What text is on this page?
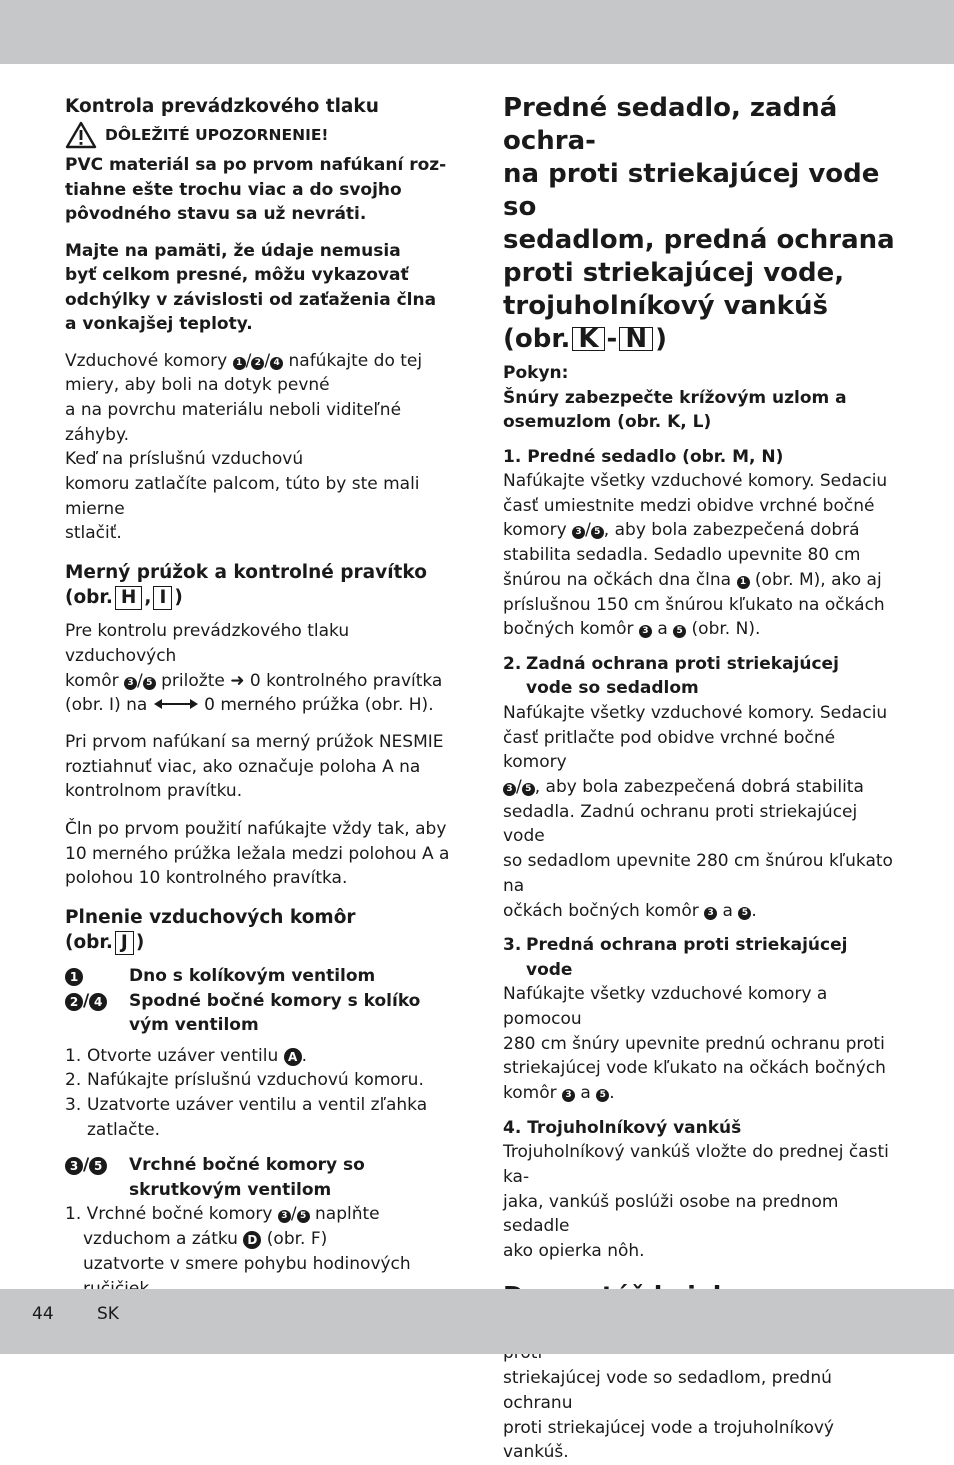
Kontrola prevádzkového tlaku

DÔLEŽITÉ UPOZORNENIE!

PVC materiál sa po prvom nafúkaní roz-

tiahne ešte trochu viac a do svojho

pôvodného stavu sa už nevráti.

Majte na pamäti, že údaje nemusia

byť celkom presné, môžu vykazovať

odchýlky v závislosti od zaťaženia člna

a vonkajšej teploty.

Vzduchové komory 1 / 2 / 4 nafúkajte do tej

miery, aby boli na dotyk pevné

a na povrchu materiálu neboli viditeľné záhyby.

Keď na príslušnú vzduchovú

komoru zatlačíte palcom, túto by ste mali mierne

stlačiť.

Merný prúžok a kontrolné pravítko

(obr. H , I )

Pre kontrolu prevádzkového tlaku vzduchových

komôr 3 / 5 priložte ➜ 0 kontrolného pravítka

(obr. I) na	0 merného prúžka (obr. H).

Pri prvom nafúkaní sa merný prúžok NESMIE

roztiahnuť viac, ako označuje poloha A na

kontrolnom pravítku.

Čln po prvom použití nafúkajte vždy tak, aby

10 merného prúžka ležala medzi polohou A a

polohou 10 kontrolného pravítka.

Plnenie vzduchových komôr

(obr. J )

1	Dno s kolíkovým ventilom
2 / 4	Spodné bočné komory s kolíko
vým ventilom
1. Otvorte uzáver ventilu A .
2. Nafúkajte príslušnú vzduchovú komoru.
3. Uzatvorte uzáver ventilu a ventil zľahka
zatlačte.
3 / 5	Vrchné bočné komory so
skrutkovým ventilom

1. Vrchné bočné komory 3 / 5 naplňte

vzduchom a zátku D (obr. F)

uzatvorte v smere pohybu hodinových

Predné sedadlo, zadná ochra-

na proti striekajúcej vode so

sedadlom, predná ochrana

proti striekajúcej vode,

trojuholníkový vankúš

(obr. K - N )

Pokyn:

Šnúry zabezpečte krížovým uzlom a

osemuzlom (obr. K, L)

1. Predné sedadlo (obr. M, N)

Nafúkajte všetky vzduchové komory. Sedaciu

časť umiestnite medzi obidve vrchné bočné

komory 3 / 5 , aby bola zabezpečená dobrá

stabilita sedadla. Sedadlo upevnite 80 cm

šnúrou na očkách dna člna 1 (obr. M), ako aj

príslušnou 150 cm šnúrou kľukato na očkách

bočných komôr 3 a 5 (obr. N).

2. Zadná ochrana proti striekajúcej
vode so sedadlom

Nafúkajte všetky vzduchové komory. Sedaciu

časť pritlačte pod obidve vrchné bočné komory

3 / 5 , aby bola zabezpečená dobrá stabilita

sedadla. Zadnú ochranu proti striekajúcej vode

so sedadlom upevnite 280 cm šnúrou kľukato na

očkách bočných komôr 3 a 5 .

3. Predná ochrana proti striekajúcej
vode

Nafúkajte všetky vzduchové komory a pomocou

280 cm šnúry upevnite prednú ochranu proti

striekajúcej vode kľukato na očkách bočných

komôr 3 a 5 .

4. Trojuholníkový vankúš

Trojuholníkový vankúš vložte do prednej časti ka-

jaka, vankúš poslúži osobe na prednom sedadle

ako opierka nôh.

striekajúcej vode so sedadlom, prednú ochranu

proti striekajúcej vode a trojuholníkový vankúš.

44	SK
